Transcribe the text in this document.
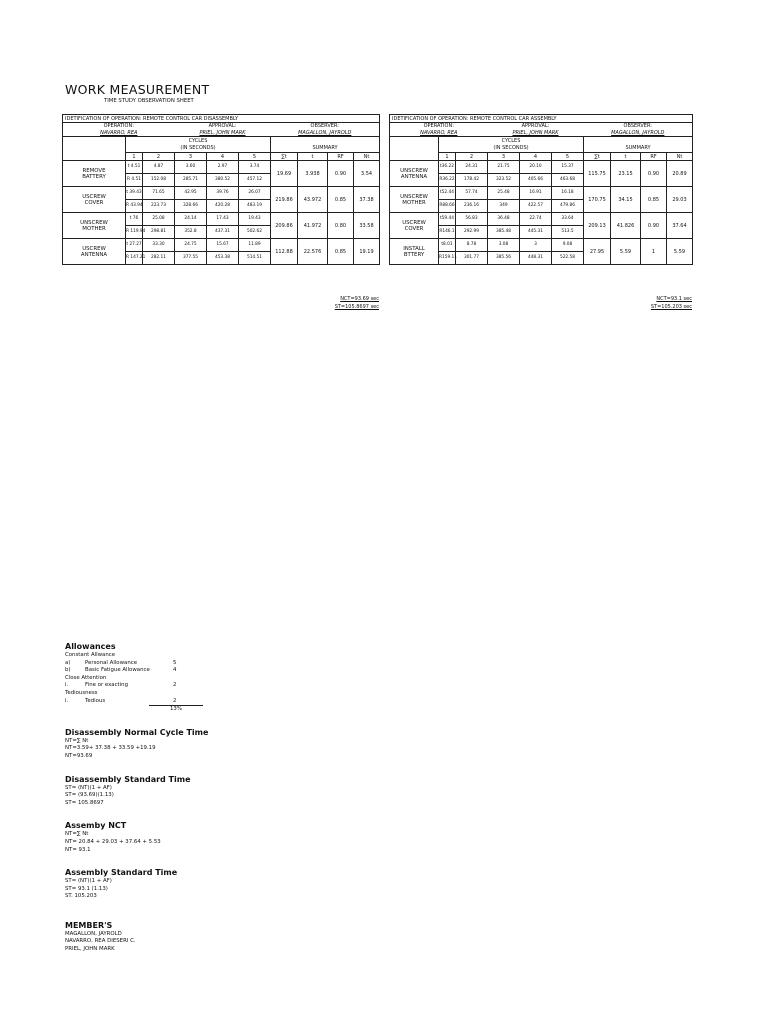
WORK MEASUREMENT
TIME STUDY OBSERVATION SHEET
IDETIFICATION OF OPERATION: REMOTE CONTROL CAR DISASSEMBLY									
OPERATION:			APPROVAL:			OBSERVER:			
NAVARRO, REA			PRIEL, JOHN MARK			MAGALLON, JAYROLD			
	CYCLES								
	(IN SECONDS)					SUMMARY			
	1	2	3	4	5	∑t	t	RF	Nt

REMOVE
BATTERY	t 4.51	4.87	3.60	2.97	3.74	19.69	3.938	0.90	3.54
	R 4.51	152.08	285.71	380.52	457.12				

USCREW
COVER	t 39.43	71.65	42.95	39.76	26.07	219.86	43.972	0.85	37.38
	R 43.94	223.73	328.66	420.28	483.19				

UNSCREW
MOTHER	t 76	25.08	24.14	17.43	19.43	209.86	41.972	0.80	33.58
	R 119.94	298.81	352.8	437.31	502.62				

USCREW
ANTENNA	t 27.27	33.30	24.75	15.67	11.89	112.88	22.576	0.85	19.19
	R 147.21	282.11	377.55	453.38	514.51				
NCT=93.69 sec
ST=105.8697 sec
IDETIFICATION OF OPERATION: REMOTE CONTROL CAR ASSEMBLY									
OPERATION:			APPROVAL:			OBSERVER:			
NAVARRO, REA			PRIEL, JOHN MARK			MAGALLON, JAYROLD			
	CYCLES								
	(IN SECONDS)					SUMMARY			
	1	2	3	4	5	∑t	t	RF	Nt

UNSCREW
ANTENNA	t36.22	24.31	21.75	20.10	15.37	115.75	23.15	0.90	20.89
	R36.22	178.42	323.52	405.66	463.68				

UNSCREW
MOTHER	t52.44	57.74	25.48	16.91	16.18	170.75	34.15	0.85	29.03
	R88.66	236.16	349	422.57	479.86				

USCREW
COVER	t59.44	56.83	36.48	22.74	33.64	209.13	41.826	0.90	37.64
	R146.1	292.99	385.48	445.31	513.5				

INSTALL
BTTERY	t8.01	8.78	3.08	3	9.08	27.95	5.59	1	5.59
	R159.11	301.77	385.56	448.31	522.58				
NCT=93.1 sec
ST=105.203 sec
Allowances
Constant Allwance
a)	Personal Allowance	5
b)	Basic Fatigue Allowance	4
Close Attention
i.	Fine or exacting	2
Tediousness
i.	Tedious	2
13%
Disassembly Normal Cycle Time
NT=∑ Nt
NT=3.59+ 37.38 + 33.59 +19.19
NT=93.69
Disassembly Standard Time
ST= (NT)(1 + AF)
ST= (93.69)(1.13)
ST= 105.8697
Assemby NCT
NT=∑ Nt
NT= 20.84 + 29.03 + 37.64 + 5.53
NT= 93.1
Assembly Standard Time
ST= (NT)(1 + AF)
ST= 93.1 (1.13)
ST. 105.203
MEMBER'S
MAGALLON, JAYROLD
NAVARRO, REA DIESERI C.
PRIEL, JOHN MARK
